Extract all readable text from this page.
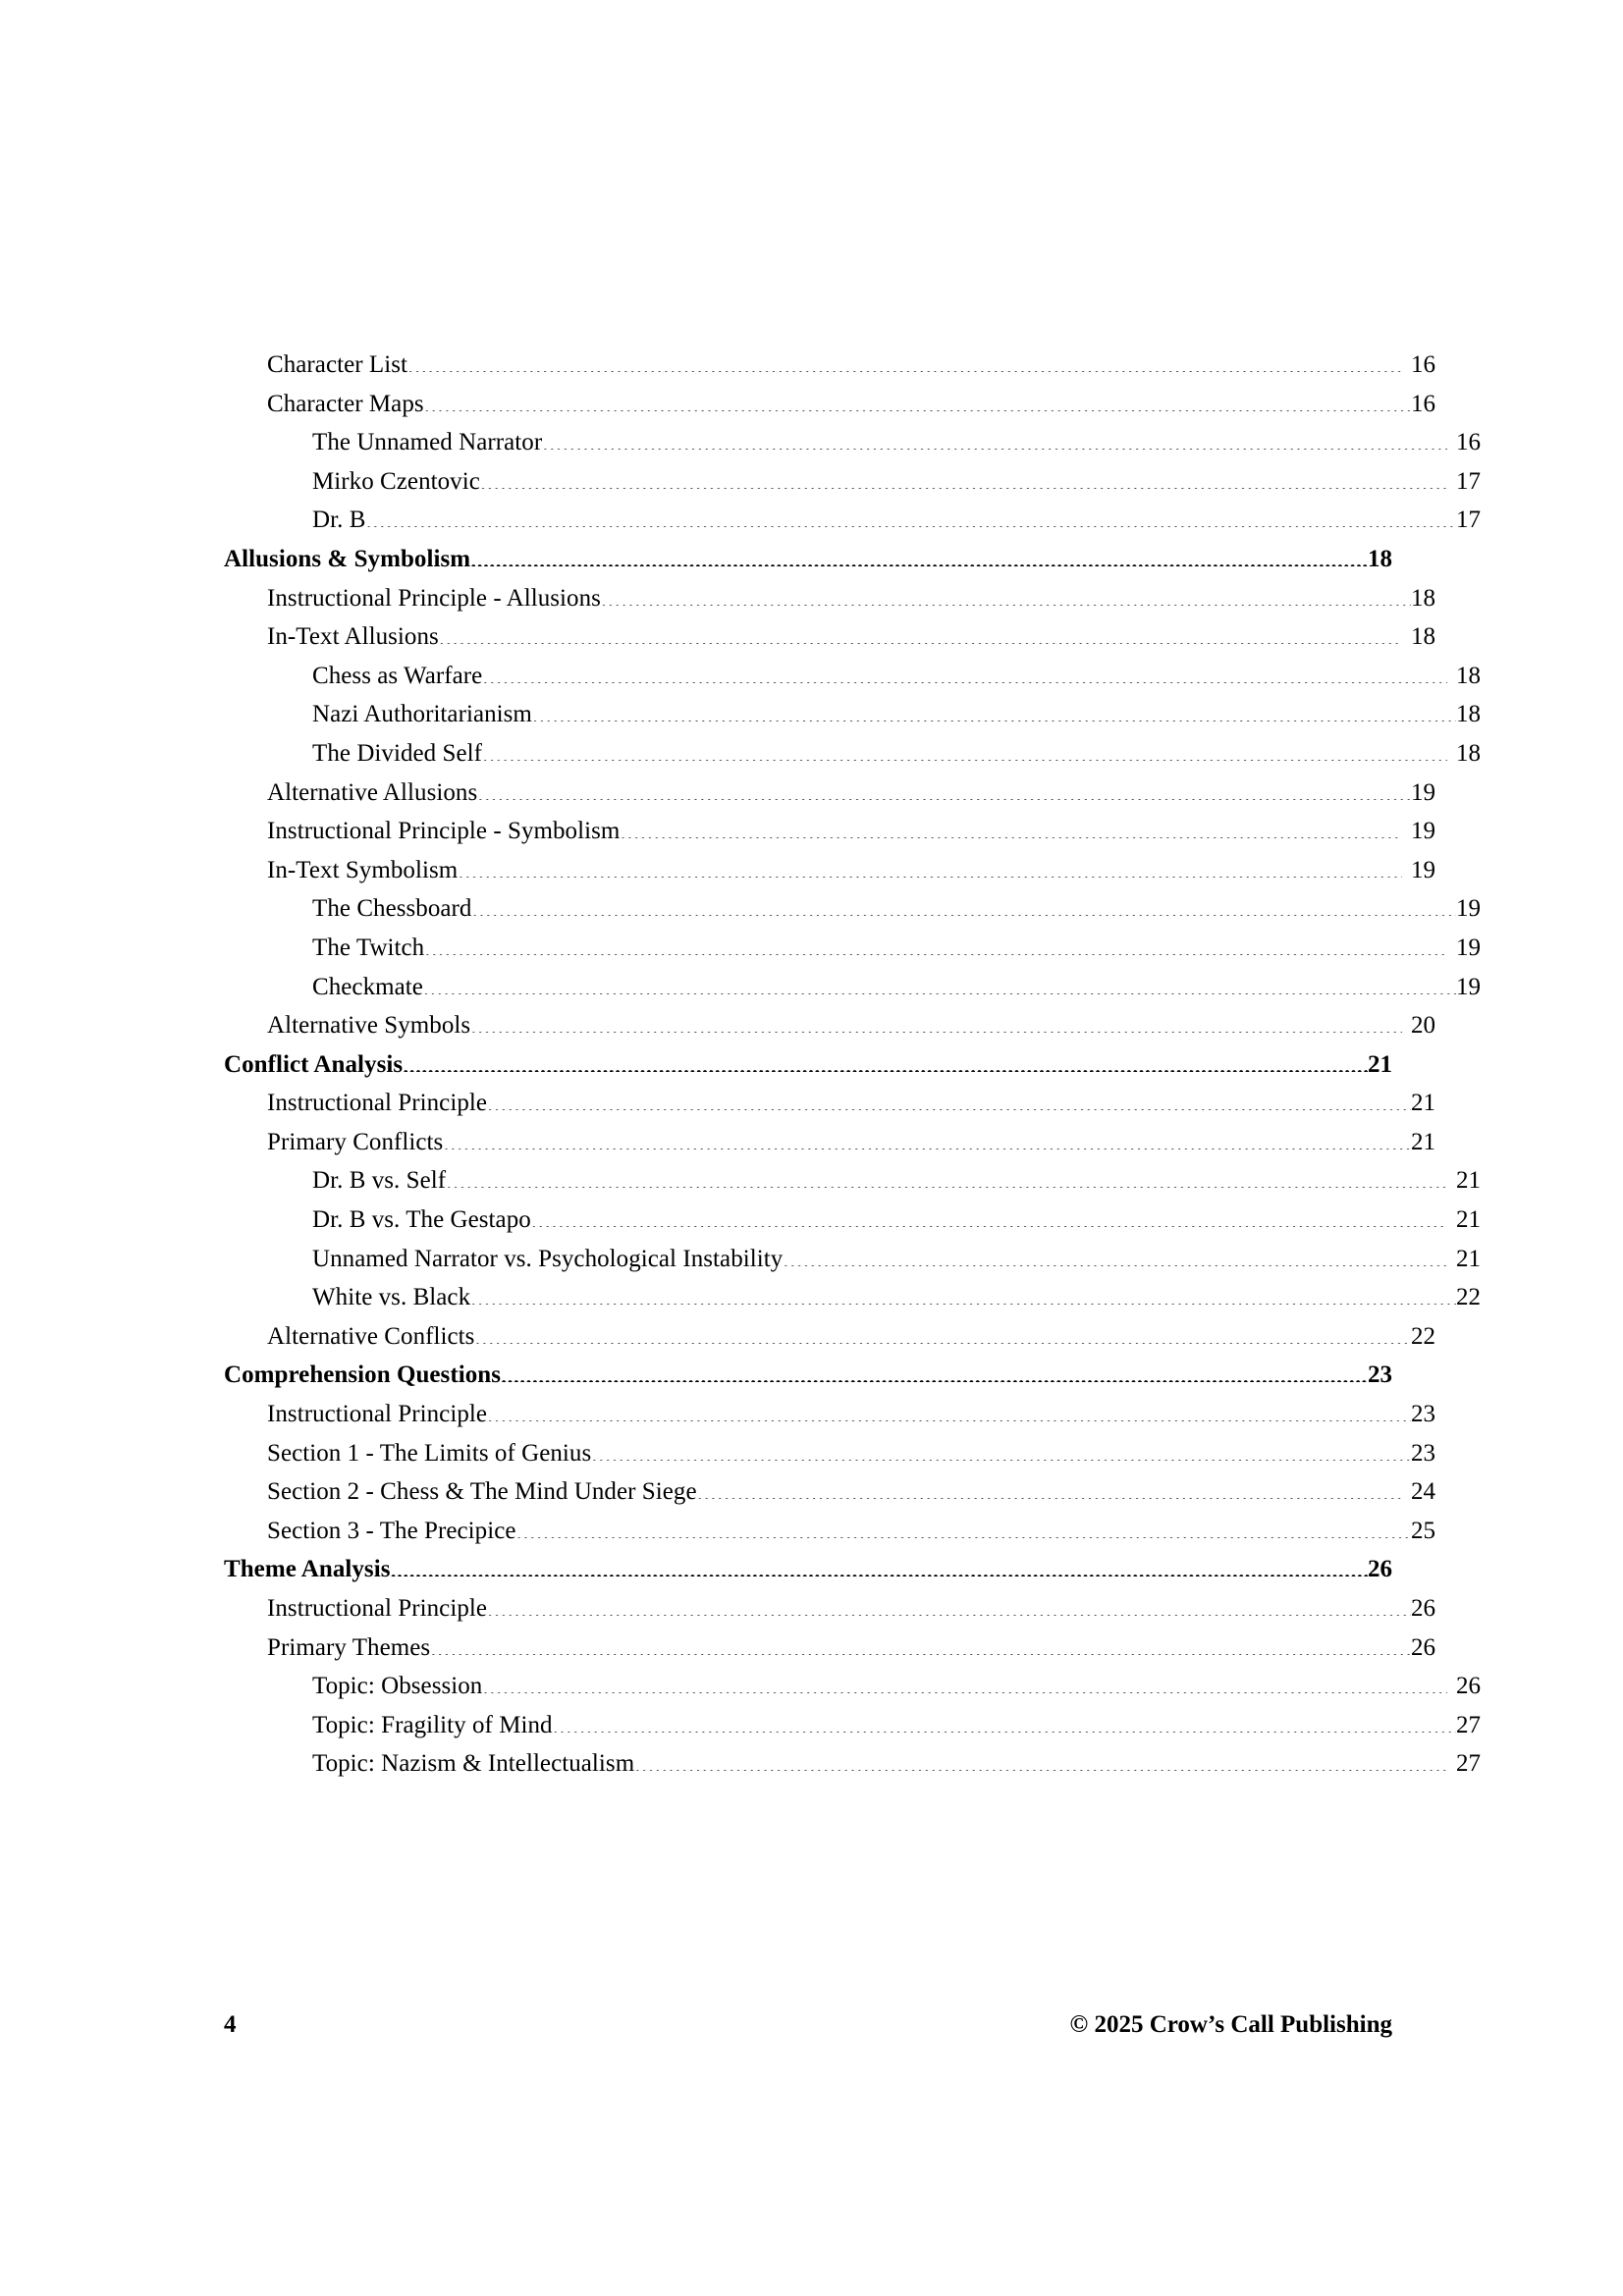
Character List .....	16
Character Maps .....	16
The Unnamed Narrator .....	16
Mirko Czentovic .....	17
Dr. B .....	17
Allusions & Symbolism .....	18
Instructional Principle - Allusions .....	18
In-Text Allusions .....	18
Chess as Warfare .....	18
Nazi Authoritarianism .....	18
The Divided Self .....	18
Alternative Allusions .....	19
Instructional Principle - Symbolism .....	19
In-Text Symbolism .....	19
The Chessboard .....	19
The Twitch .....	19
Checkmate .....	19
Alternative Symbols .....	20
Conflict Analysis .....	21
Instructional Principle .....	21
Primary Conflicts .....	21
Dr. B vs. Self .....	21
Dr. B vs. The Gestapo .....	21
Unnamed Narrator vs. Psychological Instability .....	21
White vs. Black .....	22
Alternative Conflicts .....	22
Comprehension Questions .....	23
Instructional Principle .....	23
Section 1 - The Limits of Genius .....	23
Section 2 - Chess & The Mind Under Siege .....	24
Section 3 - The Precipice .....	25
Theme Analysis .....	26
Instructional Principle .....	26
Primary Themes .....	26
Topic: Obsession .....	26
Topic: Fragility of Mind .....	27
Topic: Nazism & Intellectualism .....	27
4	© 2025 Crow’s Call Publishing
